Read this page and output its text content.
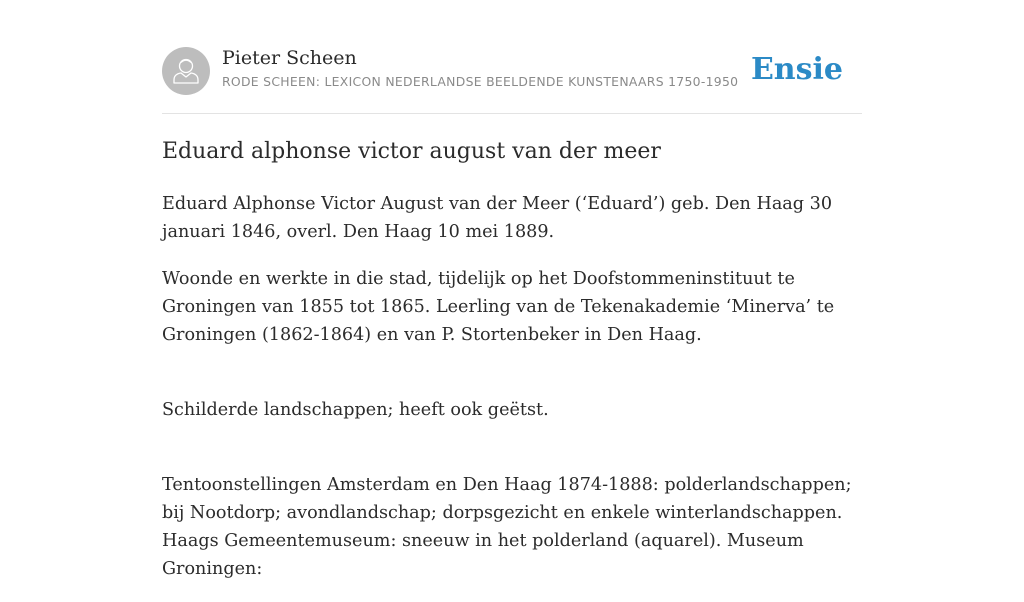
Pieter Scheen
RODE SCHEEN: LEXICON NEDERLANDSE BEELDENDE KUNSTENAARS 1750-1950 Ensie
Eduard alphonse victor august van der meer

Eduard Alphonse Victor August van der Meer (‘Eduard’) geb. Den Haag 30 januari 1846, overl. Den Haag 10 mei 1889.

Woonde en werkte in die stad, tijdelijk op het Doofstommeninstituut te Groningen van 1855 tot 1865. Leerling van de Tekenakademie ‘Minerva’ te Groningen (1862-1864) en van P. Stortenbeker in Den Haag.

Schilderde landschappen; heeft ook geëtst.

Tentoonstellingen Amsterdam en Den Haag 1874-1888: polderlandschappen; bij Nootdorp; avondlandschap; dorpsgezicht en enkele winterlandschappen. Haags Gemeentemuseum: sneeuw in het polderland (aquarel). Museum Groningen:
